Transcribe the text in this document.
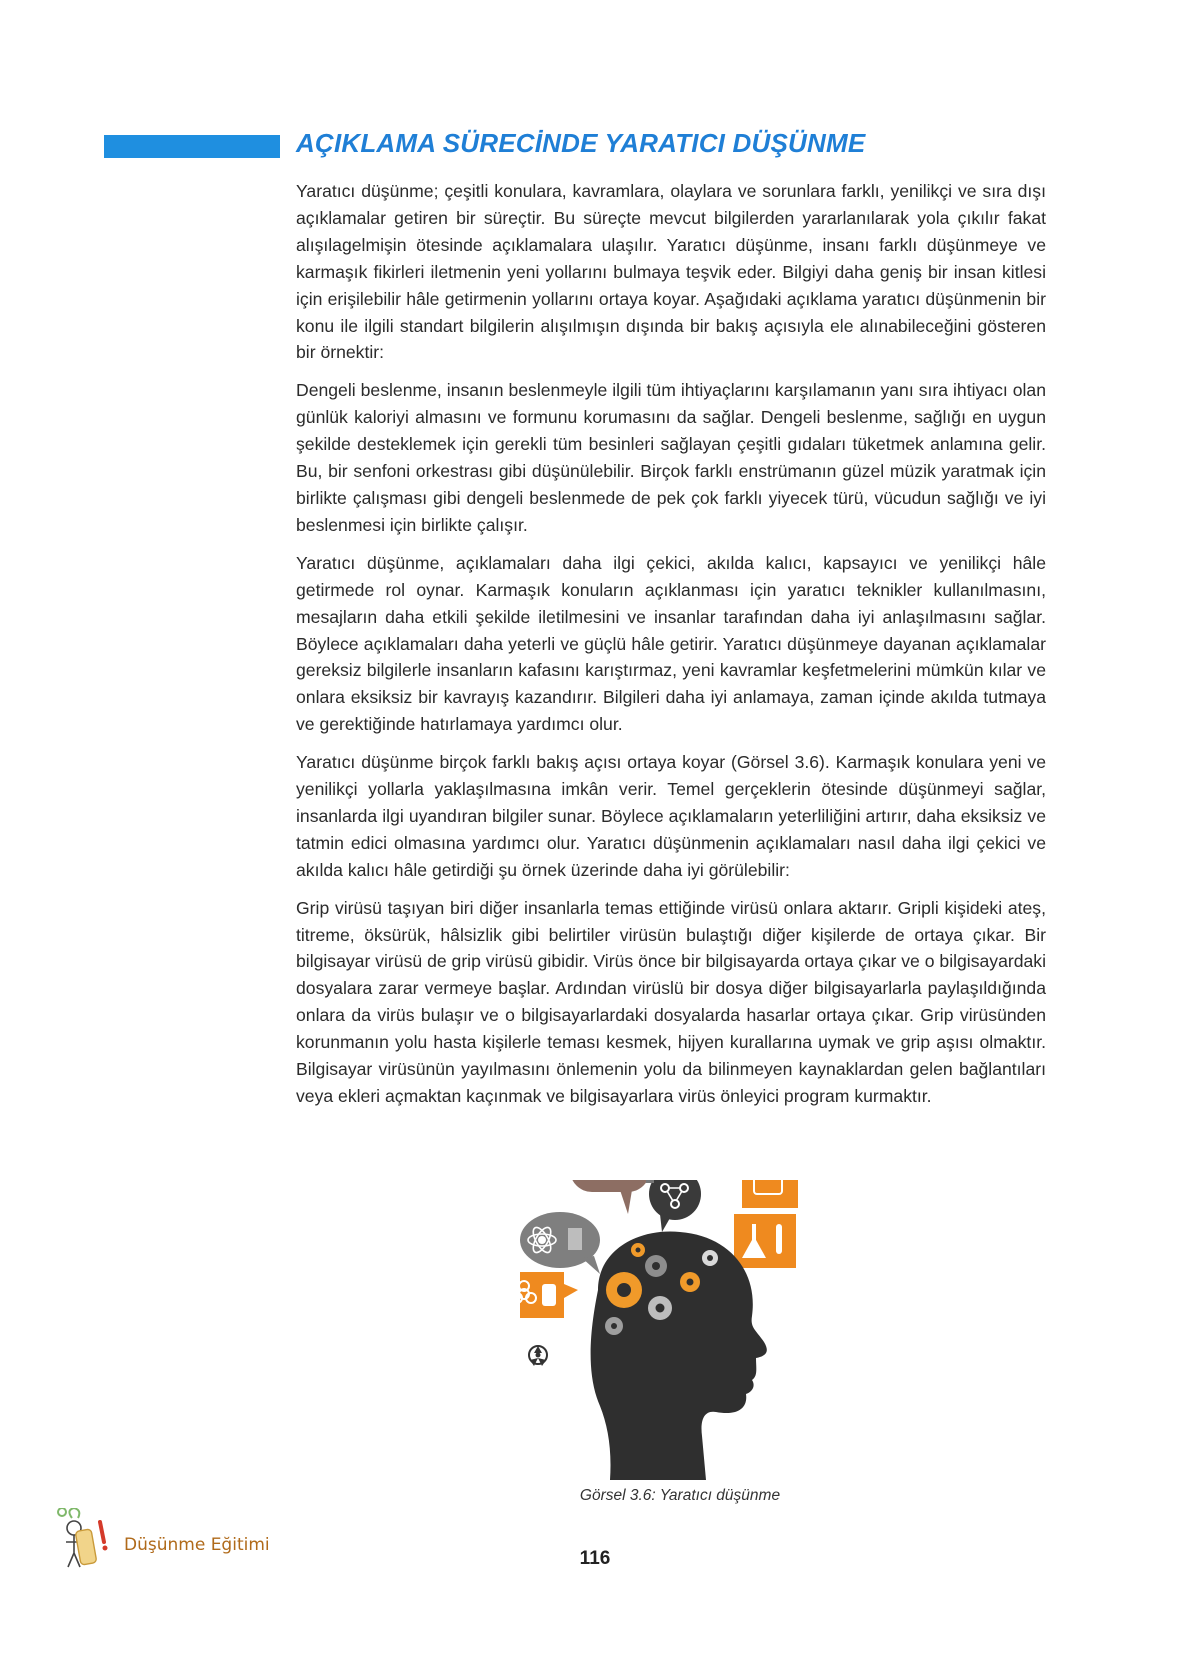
AÇIKLAMA SÜRECİNDE YARATICI DÜŞÜNME

Yaratıcı düşünme; çeşitli konulara, kavramlara, olaylara ve sorunlara farklı, yenilikçi ve sıra dışı açıklamalar getiren bir süreçtir. Bu süreçte mevcut bilgilerden yararlanılarak yola çıkılır fakat alışılagelmişin ötesinde açıklamalara ulaşılır. Yaratıcı düşünme, insanı farklı düşünmeye ve karmaşık fikirleri iletmenin yeni yollarını bulmaya teşvik eder. Bilgiyi daha geniş bir insan kitlesi için erişilebilir hâle getirmenin yollarını ortaya koyar. Aşağıdaki açıklama yaratıcı düşünmenin bir konu ile ilgili standart bilgilerin alışılmışın dışında bir bakış açısıyla ele alınabileceğini gösteren bir örnektir:

Dengeli beslenme, insanın beslenmeyle ilgili tüm ihtiyaçlarını karşılamanın yanı sıra ihtiyacı olan günlük kaloriyi almasını ve formunu korumasını da sağlar. Dengeli beslenme, sağlığı en uygun şekilde desteklemek için gerekli tüm besinleri sağlayan çeşitli gıdaları tüketmek anlamına gelir. Bu, bir senfoni orkestrası gibi düşünülebilir. Birçok farklı enstrümanın güzel müzik yaratmak için birlikte çalışması gibi dengeli beslenmede de pek çok farklı yiyecek türü, vücudun sağlığı ve iyi beslenmesi için birlikte çalışır.

Yaratıcı düşünme, açıklamaları daha ilgi çekici, akılda kalıcı, kapsayıcı ve yenilikçi hâle getirmede rol oynar. Karmaşık konuların açıklanması için yaratıcı teknikler kullanılmasını, mesajların daha etkili şekilde iletilmesini ve insanlar tarafından daha iyi anlaşılmasını sağlar. Böylece açıklamaları daha yeterli ve güçlü hâle getirir. Yaratıcı düşünmeye dayanan açıklamalar gereksiz bilgilerle insanların kafasını karıştırmaz, yeni kavramlar keşfetmelerini mümkün kılar ve onlara eksiksiz bir kavrayış kazandırır. Bilgileri daha iyi anlamaya, zaman içinde akılda tutmaya ve gerektiğinde hatırlamaya yardımcı olur.

Yaratıcı düşünme birçok farklı bakış açısı ortaya koyar (Görsel 3.6). Karmaşık konulara yeni ve yenilikçi yollarla yaklaşılmasına imkân verir. Temel gerçeklerin ötesinde düşünmeyi sağlar, insanlarda ilgi uyandıran bilgiler sunar. Böylece açıklamaların yeterliliğini artırır, daha eksiksiz ve tatmin edici olmasına yardımcı olur. Yaratıcı düşünmenin açıklamaları nasıl daha ilgi çekici ve akılda kalıcı hâle getirdiği şu örnek üzerinde daha iyi görülebilir:

Grip virüsü taşıyan biri diğer insanlarla temas ettiğinde virüsü onlara aktarır. Gripli kişideki ateş, titreme, öksürük, hâlsizlik gibi belirtiler virüsün bulaştığı diğer kişilerde de ortaya çıkar. Bir bilgisayar virüsü de grip virüsü gibidir. Virüs önce bir bilgisayarda ortaya çıkar ve o bilgisayardaki dosyalara zarar vermeye başlar. Ardından virüslü bir dosya diğer bilgisayarlarla paylaşıldığında onlara da virüs bulaşır ve o bilgisayarlardaki dosyalarda hasarlar ortaya çıkar. Grip virüsünden korunmanın yolu hasta kişilerle teması kesmek, hijyen kurallarına uymak ve grip aşısı olmaktır. Bilgisayar virüsünün yayılmasını önlemenin yolu da bilinmeyen kaynaklardan gelen bağlantıları veya ekleri açmaktan kaçınmak ve bilgisayarlara virüs önleyici program kurmaktır.

Görsel 3.6: Yaratıcı düşünme

Düşünme Eğitimi
116
